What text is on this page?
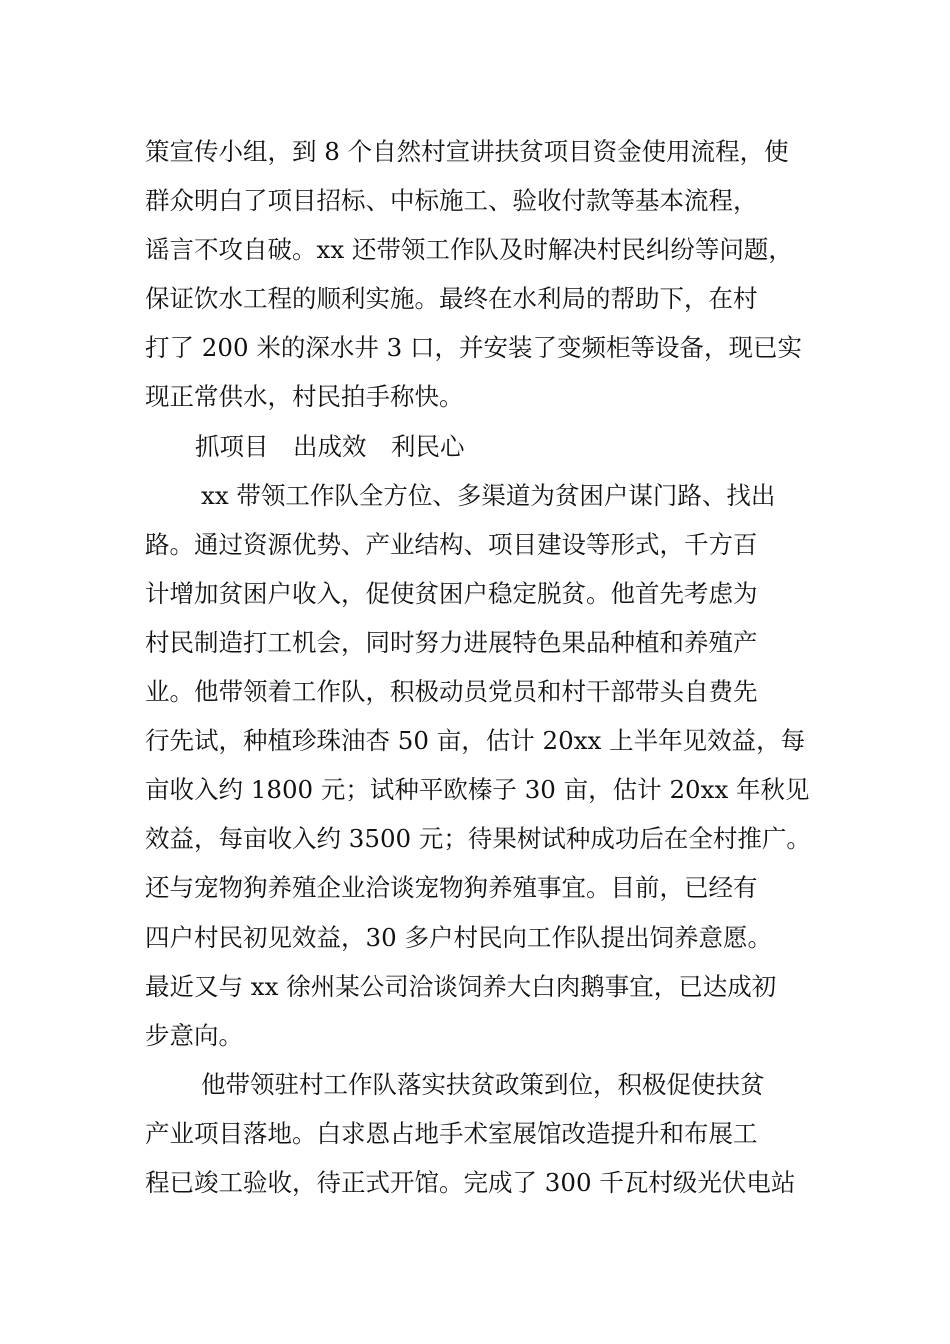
策宣传小组，到 8 个自然村宣讲扶贫项目资金使用流程，使
群众明白了项目招标、中标施工、验收付款等基本流程，
谣言不攻自破。xx 还带领工作队及时解决村民纠纷等问题，
保证饮水工程的顺利实施。最终在水利局的帮助下，在村
打了 200 米的深水井 3 口，并安装了变频柜等设备，现已实
现正常供水，村民拍手称快。
抓项目　出成效　利民心
xx 带领工作队全方位、多渠道为贫困户谋门路、找出
路。通过资源优势、产业结构、项目建设等形式，千方百
计增加贫困户收入，促使贫困户稳定脱贫。他首先考虑为
村民制造打工机会，同时努力进展特色果品种植和养殖产
业。他带领着工作队，积极动员党员和村干部带头自费先
行先试，种植珍珠油杏 50 亩，估计 20xx 上半年见效益，每
亩收入约 1800 元；试种平欧榛子 30 亩，估计 20xx 年秋见
效益，每亩收入约 3500 元；待果树试种成功后在全村推广。
还与宠物狗养殖企业洽谈宠物狗养殖事宜。目前，已经有
四户村民初见效益，30 多户村民向工作队提出饲养意愿。
最近又与 xx 徐州某公司洽谈饲养大白肉鹅事宜，已达成初
步意向。
他带领驻村工作队落实扶贫政策到位，积极促使扶贫
产业项目落地。白求恩占地手术室展馆改造提升和布展工
程已竣工验收，待正式开馆。完成了 300 千瓦村级光伏电站
